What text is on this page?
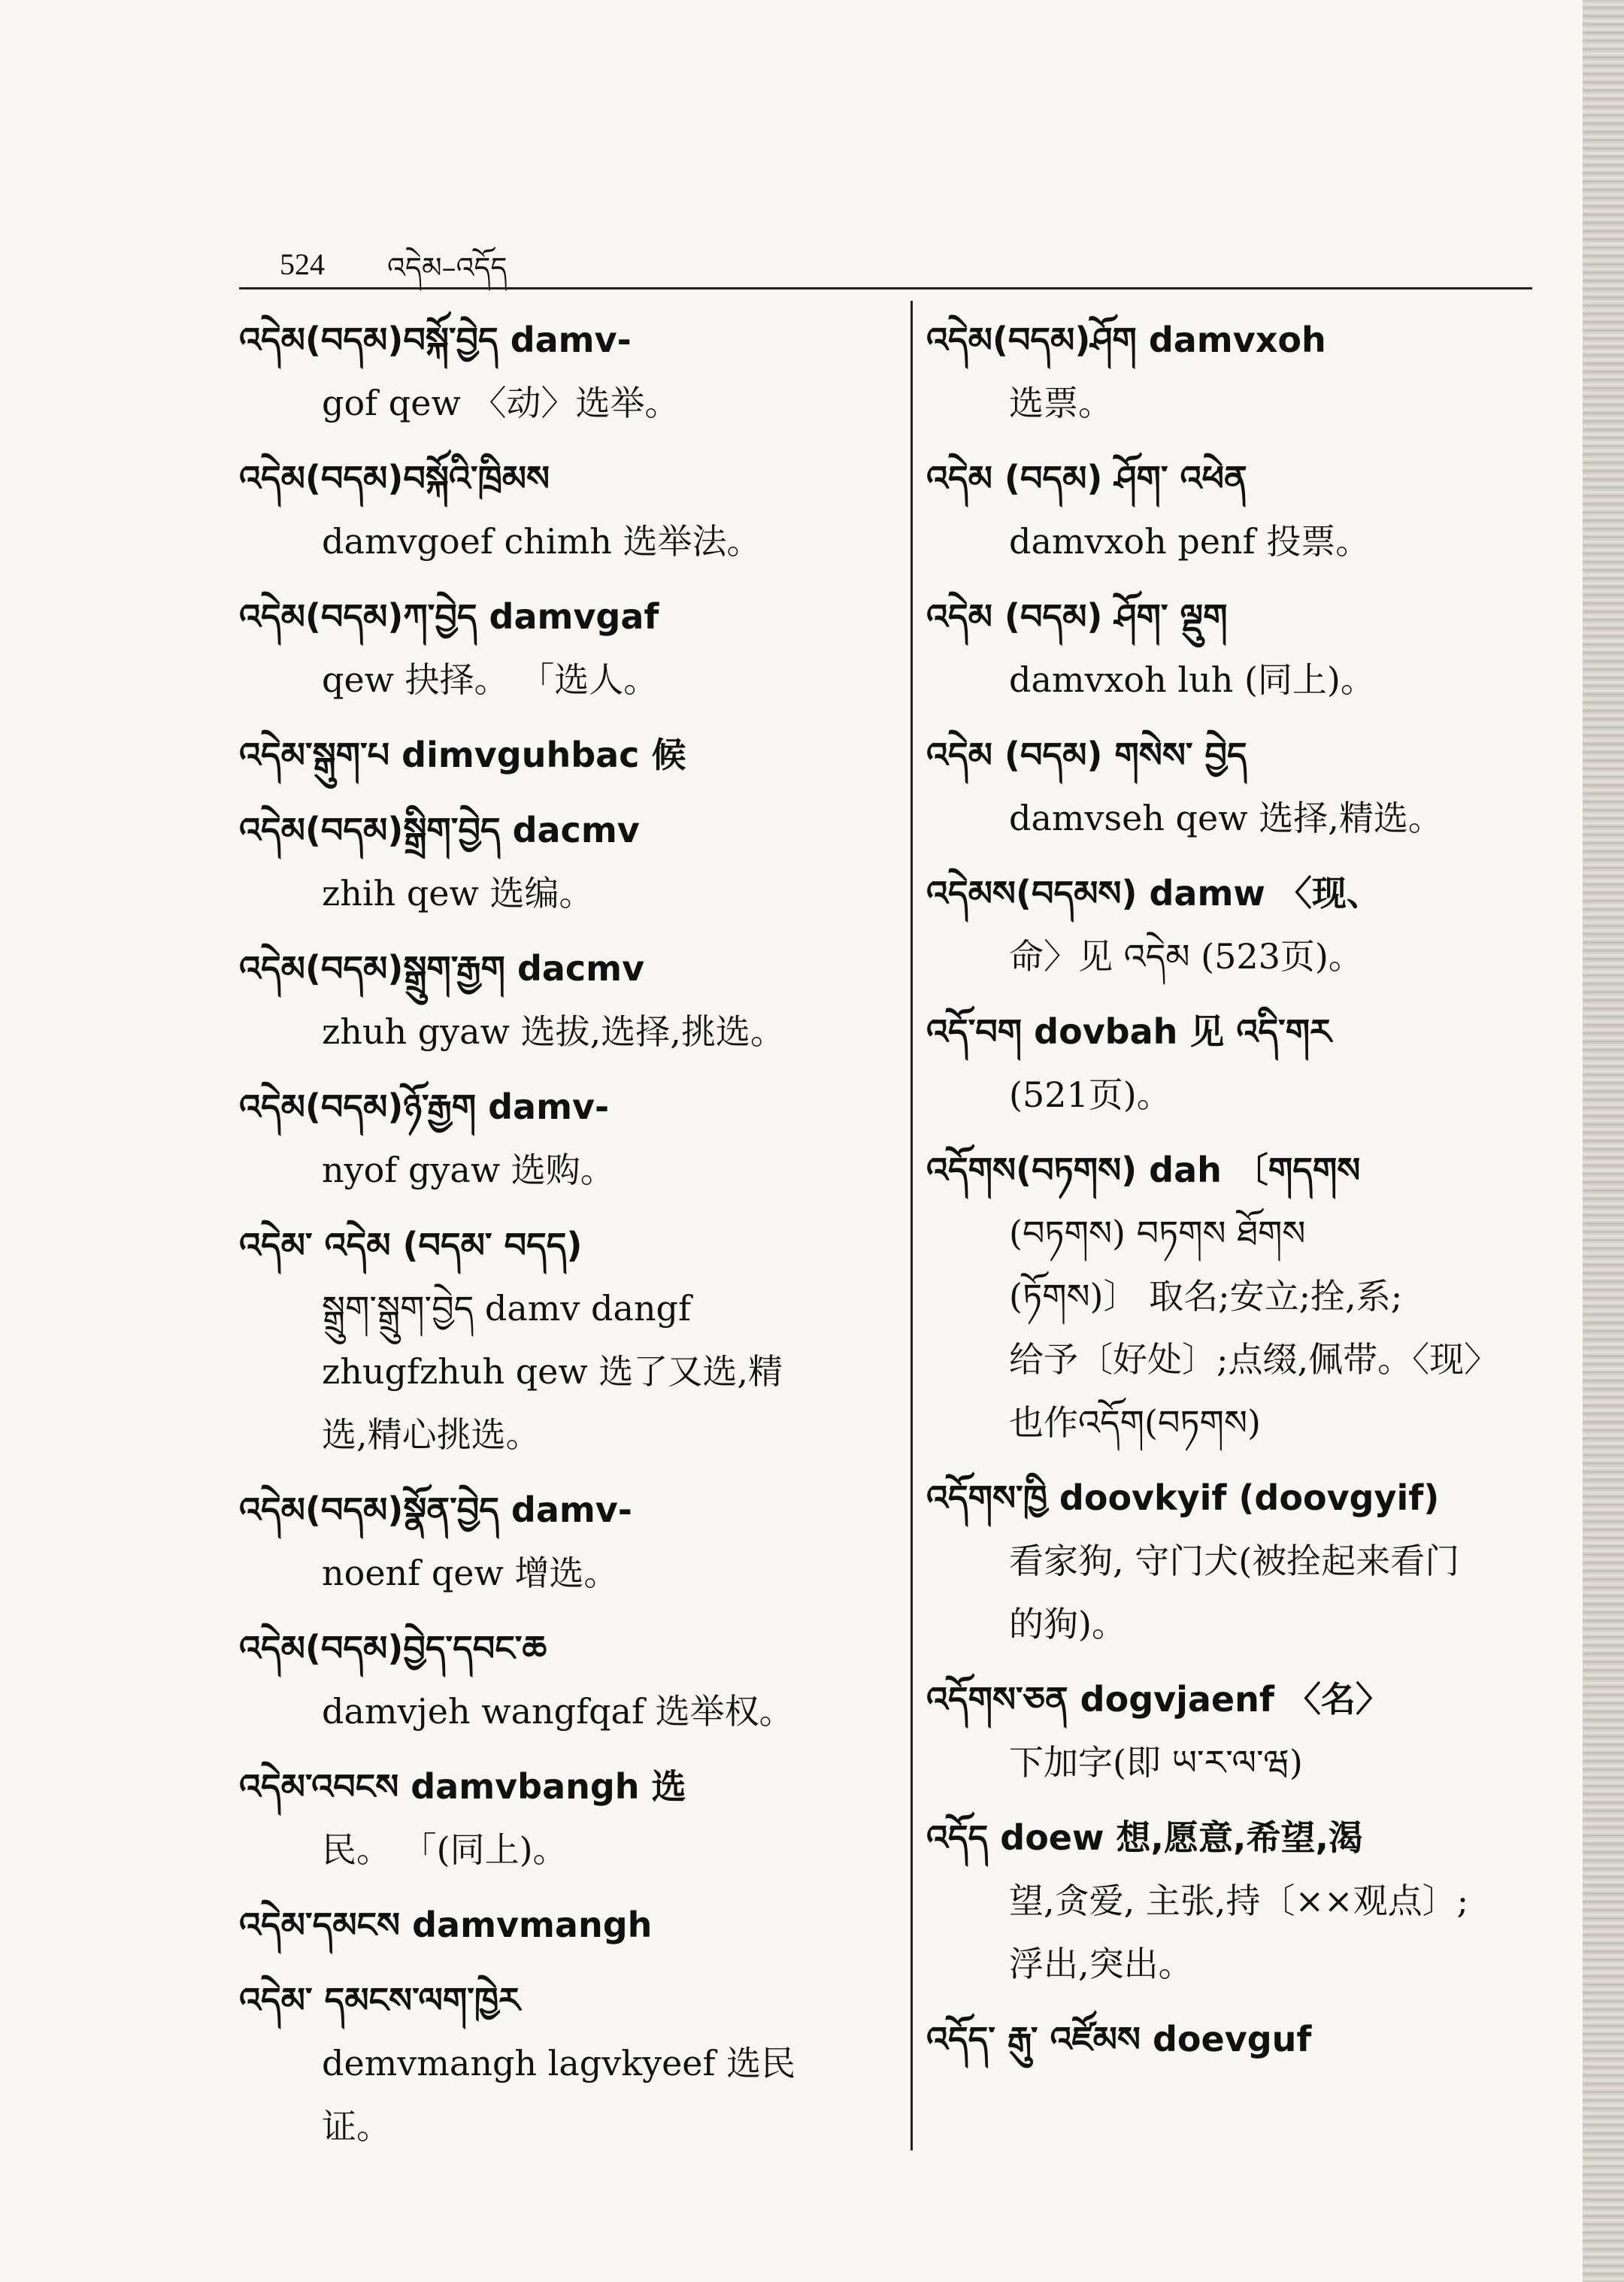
524 འདེམ–འདོད
འདེམ(བདམ)བསྐོ་བྱེད damv-
gof qew 〈动〉选举。
འདེམ(བདམ)བསྐོའི་ཁྲིམས
damvgoef chimh 选举法。
འདེམ(བདམ)ཀ་བྱེད damvgaf
qew 抉择。 「选人。
འདེམ་སྒུག་པ dimvguhbac 候
འདེམ(བདམ)སྒྲིག་བྱེད dacmv
zhih qew 选编。
འདེམ(བདམ)སྒྲུག་རྒྱག dacmv
zhuh gyaw 选拔,选择,挑选。
འདེམ(བདམ)ཉོ་རྒྱག damv-
nyof gyaw 选购。
འདེམ་ འདེམ (བདམ་ བདད)
སྒྲུག་སྒྲུག་བྱེད damv dangf
zhugfzhuh qew 选了又选,精
选,精心挑选。
འདེམ(བདམ)སྣོན་བྱེད damv-
noenf qew 增选。
འདེམ(བདམ)བྱེད་དབང་ཆ
damvjeh wangfqaf 选举权。
འདེམ་འབངས damvbangh 选
民。 「(同上)。
འདེམ་དམངས damvmangh
འདེམ་ དམངས་ལག་ཁྱེར
demvmangh lagvkyeef 选民
证。
འདེམ(བདམ)ཤོག damvxoh
选票。
འདེམ (བདམ) ཤོག་ འཕེན
damvxoh penf 投票。
འདེམ (བདམ) ཤོག་ ལྡུག
damvxoh luh (同上)。
འདེམ (བདམ) གསེས་ བྱེད
damvseh qew 选择,精选。
འདེམས(བདམས) damw 〈现、
命〉见 འདེམ (523页)。
འདོ་བག dovbah 见 འདི་གར
(521页)。
འདོགས(བཏགས) dah 〔གདགས
(བཏགས) བཏགས ཐོགས
(ཏོགས)〕 取名;安立;拴,系;
给予〔好处〕;点缀,佩带。〈现〉
也作འདོག(བཏགས)
འདོགས་ཁྱི doovkyif (doovgyif)
看家狗, 守门犬(被拴起来看门
的狗)。
འདོགས་ཅན dogvjaenf 〈名〉
下加字(即 ཡ་ར་ལ་ཝ)
འདོད doew 想,愿意,希望,渴
望,贪爱, 主张,持〔××观点〕;
浮出,突出。
འདོད་ རྒུ་ འཛོམས doevguf
